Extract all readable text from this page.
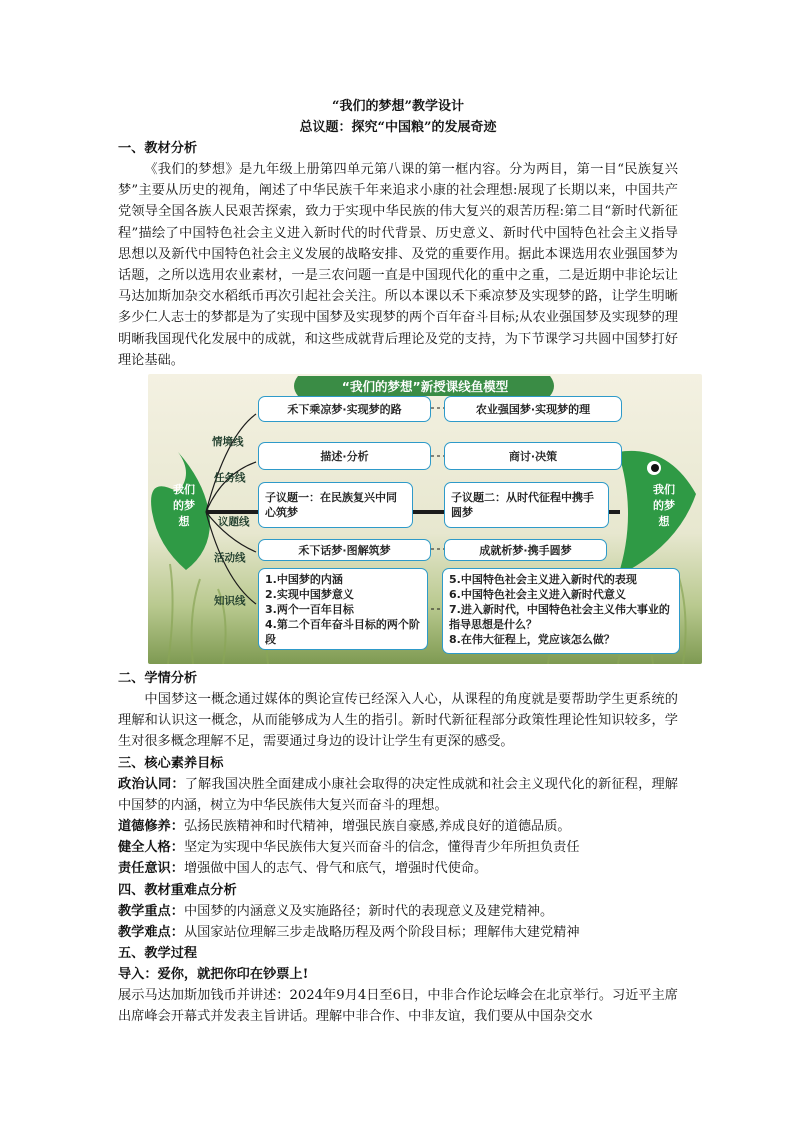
“我们的梦想”教学设计
总议题：探究“中国粮”的发展奇迹
一、教材分析
《我们的梦想》是九年级上册第四单元第八课的第一框内容。分为两目，第一目“民族复兴梦”主要从历史的视角，阐述了中华民族千年来追求小康的社会理想:展现了长期以来，中国共产党领导全国各族人民艰苦探索，致力于实现中华民族的伟大复兴的艰苦历程:第二目“新时代新征程”描绘了中国特色社会主义进入新时代的时代背景、历史意义、新时代中国特色社会主义指导思想以及新代中国特色社会主义发展的战略安排、及党的重要作用。据此本课选用农业强国梦为话题，之所以选用农业素材，一是三农问题一直是中国现代化的重中之重，二是近期中非论坛让马达加斯加杂交水稻纸币再次引起社会关注。所以本课以禾下乘凉梦及实现梦的路，让学生明晰多少仁人志士的梦都是为了实现中国梦及实现梦的两个百年奋斗目标;从农业强国梦及实现梦的理明晰我国现代化发展中的成就，和这些成就背后理论及党的支持，为下节课学习共圆中国梦打好理论基础。
“我们的梦想”新授课线鱼模型
我们
的梦
想
我们
的梦
想
情境线
任务线
议题线
活动线
知识线
禾下乘凉梦·实现梦的路	农业强国梦·实现梦的理
描述·分析	商讨·决策
子议题一：在民族复兴中同心筑梦
子议题二：从时代征程中携手圆梦
禾下话梦·图解筑梦	成就析梦·携手圆梦
1.中国梦的内涵
2.实现中国梦意义
3.两个一百年目标
4.第二个百年奋斗目标的两个阶段
5.中国特色社会主义进入新时代的表现
6.中国特色社会主义进入新时代意义
7.进入新时代，中国特色社会主义伟大事业的指导思想是什么？
8.在伟大征程上，党应该怎么做？
二、学情分析
中国梦这一概念通过媒体的舆论宣传已经深入人心，从课程的角度就是要帮助学生更系统的理解和认识这一概念，从而能够成为人生的指引。新时代新征程部分政策性理论性知识较多，学生对很多概念理解不足，需要通过身边的设计让学生有更深的感受。
三、核心素养目标
政治认同：了解我国决胜全面建成小康社会取得的决定性成就和社会主义现代化的新征程，理解中国梦的内涵，树立为中华民族伟大复兴而奋斗的理想。
道德修养：弘扬民族精神和时代精神，增强民族自豪感,养成良好的道德品质。
健全人格：坚定为实现中华民族伟大复兴而奋斗的信念，懂得青少年所担负责任
责任意识：增强做中国人的志气、骨气和底气，增强时代使命。
四、教材重难点分析
教学重点：中国梦的内涵意义及实施路径；新时代的表现意义及建党精神。
教学难点：从国家站位理解三步走战略历程及两个阶段目标；理解伟大建党精神
五、教学过程
导入：爱你，就把你印在钞票上!
展示马达加斯加钱币并讲述：2024年9月4日至6日，中非合作论坛峰会在北京举行。习近平主席出席峰会开幕式并发表主旨讲话。理解中非合作、中非友谊，我们要从中国杂交水
